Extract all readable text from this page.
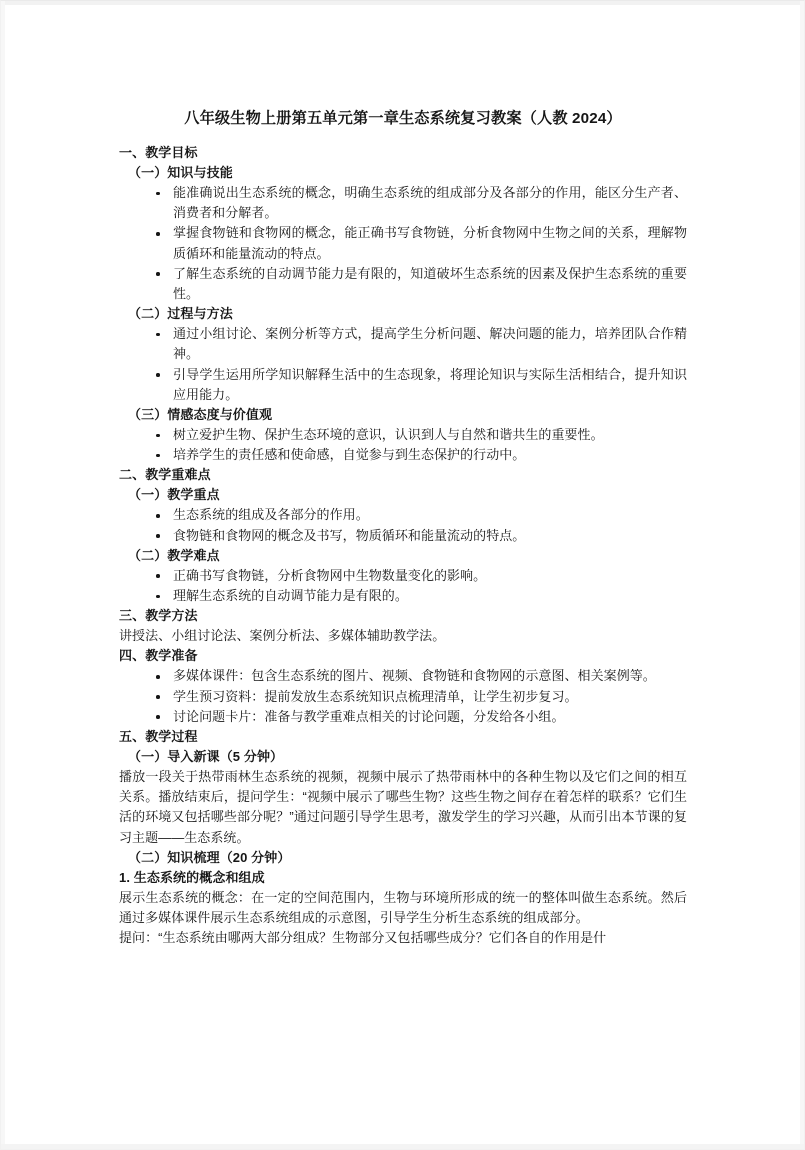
八年级生物上册第五单元第一章生态系统复习教案（人教 2024）

一、教学目标

（一）知识与技能

能准确说出生态系统的概念，明确生态系统的组成部分及各部分的作用，能区分生产者、消费者和分解者。
掌握食物链和食物网的概念，能正确书写食物链，分析食物网中生物之间的关系，理解物质循环和能量流动的特点。
了解生态系统的自动调节能力是有限的，知道破坏生态系统的因素及保护生态系统的重要性。

（二）过程与方法

通过小组讨论、案例分析等方式，提高学生分析问题、解决问题的能力，培养团队合作精神。
引导学生运用所学知识解释生活中的生态现象，将理论知识与实际生活相结合，提升知识应用能力。

（三）情感态度与价值观

树立爱护生物、保护生态环境的意识，认识到人与自然和谐共生的重要性。
培养学生的责任感和使命感，自觉参与到生态保护的行动中。

二、教学重难点

（一）教学重点

生态系统的组成及各部分的作用。
食物链和食物网的概念及书写，物质循环和能量流动的特点。

（二）教学难点

正确书写食物链，分析食物网中生物数量变化的影响。
理解生态系统的自动调节能力是有限的。

三、教学方法

讲授法、小组讨论法、案例分析法、多媒体辅助教学法。

四、教学准备

多媒体课件：包含生态系统的图片、视频、食物链和食物网的示意图、相关案例等。
学生预习资料：提前发放生态系统知识点梳理清单，让学生初步复习。
讨论问题卡片：准备与教学重难点相关的讨论问题，分发给各小组。

五、教学过程

（一）导入新课（5 分钟）

播放一段关于热带雨林生态系统的视频，视频中展示了热带雨林中的各种生物以及它们之间的相互关系。播放结束后，提问学生：“视频中展示了哪些生物？这些生物之间存在着怎样的联系？它们生活的环境又包括哪些部分呢？”通过问题引导学生思考，激发学生的学习兴趣，从而引出本节课的复习主题——生态系统。

（二）知识梳理（20 分钟）

1. 生态系统的概念和组成

展示生态系统的概念：在一定的空间范围内，生物与环境所形成的统一的整体叫做生态系统。然后通过多媒体课件展示生态系统组成的示意图，引导学生分析生态系统的组成部分。

提问：“生态系统由哪两大部分组成？生物部分又包括哪些成分？它们各自的作用是什
